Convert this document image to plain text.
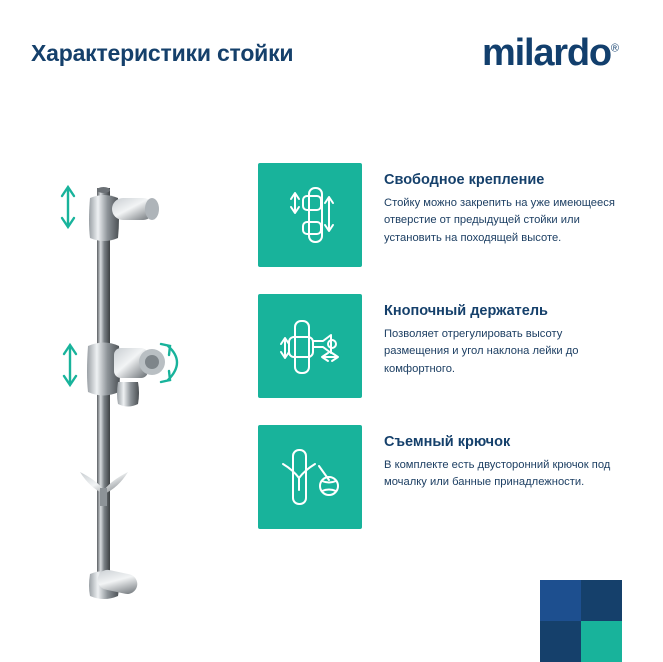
Характеристики стойки	milardo®
Свободное крепление
Стойку можно закрепить на уже имеющееся отверстие от предыдущей стойки или установить на походящей высоте.
Кнопочный держатель
Позволяет отрегулировать высоту размещения и угол наклона лейки до комфортного.
Съемный крючок
В комплекте есть двусторонний крючок под мочалку или банные принадлежности.
